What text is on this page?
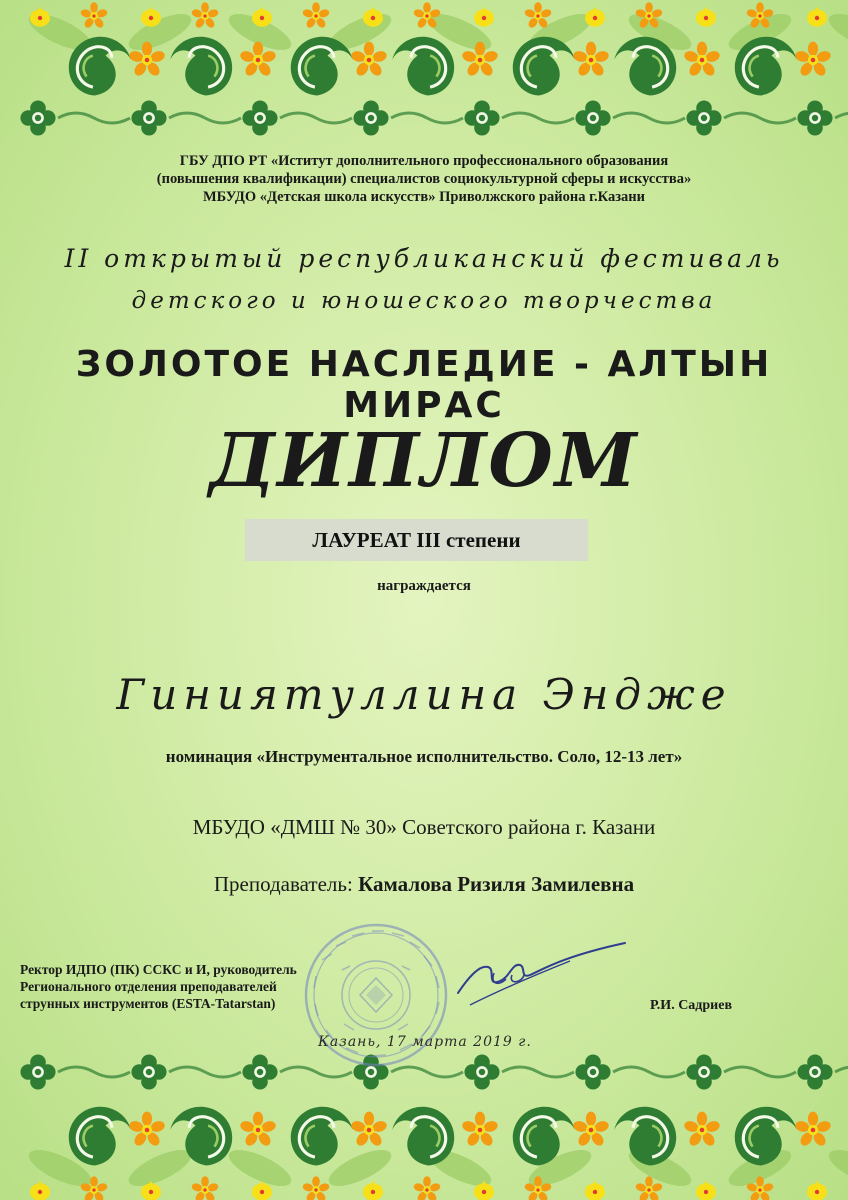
ГБУ ДПО РТ «Иститут дополнительного профессионального образования
(повышения квалификации) специалистов социокультурной сферы и искусства»
МБУДО «Детская школа искусств» Приволжского района г.Казани
II открытый республиканский фестиваль
детского и юношеского творчества
ЗОЛОТОЕ НАСЛЕДИЕ - АЛТЫН МИРАС
ДИПЛОМ
ЛАУРЕАТ III степени
награждается
Гиниятуллина Эндже
номинация «Инструментальное исполнительство. Соло, 12-13 лет»
МБУДО «ДМШ № 30» Советского района г. Казани
Преподаватель: Камалова Ризиля Замилевна
Ректор ИДПО (ПК) ССКС и И, руководитель
Регионального отделения преподавателей
струнных инструментов (ESTA-Tatarstan)	Р.И. Садриев
Казань, 17 марта 2019 г.
